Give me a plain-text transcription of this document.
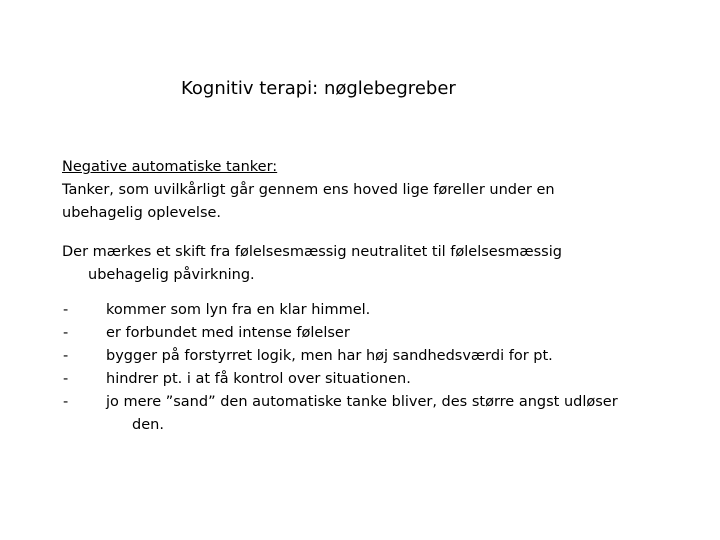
Kognitiv terapi: nøglebegreber
Negative automatiske tanker:
Tanker, som uvilkårligt går gennem ens hoved lige føreller under en
ubehagelig oplevelse.
Der mærkes et skift fra følelsesmæssig neutralitet til følelsesmæssig
ubehagelig påvirkning.
-	kommer som lyn fra en klar himmel.
-	er forbundet med intense følelser
-	bygger på forstyrret logik, men har høj sandhedsværdi for pt.
-	hindrer pt. i at få kontrol over situationen.
-	jo mere ”sand” den automatiske tanke bliver, des større angst udløser
den.
